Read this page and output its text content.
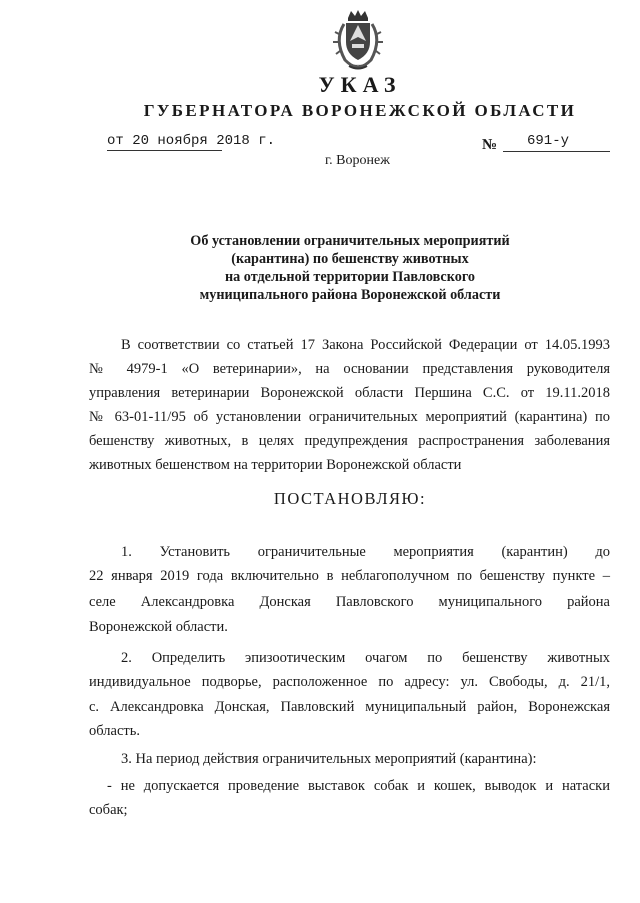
УКАЗ
ГУБЕРНАТОРА ВОРОНЕЖСКОЙ ОБЛАСТИ
от 20 ноября 2018 г.	№ 691-у
г. Воронеж
Об установлении ограничительных мероприятий
(карантина) по бешенству животных
на отдельной территории Павловского
муниципального района Воронежской области
В соответствии со статьей 17 Закона Российской Федерации от 14.05.1993
№ 4979-1 «О ветеринарии», на основании представления руководителя
управления ветеринарии Воронежской области Першина С.С. от 19.11.2018
№ 63-01-11/95 об установлении ограничительных мероприятий (карантина) по
бешенству животных, в целях предупреждения распространения заболевания
животных бешенством на территории Воронежской области
ПОСТАНОВЛЯЮ:
1. Установить ограничительные мероприятия (карантин) до
22 января 2019 года включительно в неблагополучном по бешенству пункте –
селе Александровка Донская Павловского муниципального района
Воронежской области.
2. Определить эпизоотическим очагом по бешенству животных
индивидуальное подворье, расположенное по адресу: ул. Свободы, д. 21/1,
с. Александровка Донская, Павловский муниципальный район, Воронежская
область.
3. На период действия ограничительных мероприятий (карантина):
- не допускается проведение выставок собак и кошек, выводок и натаски
собак;
